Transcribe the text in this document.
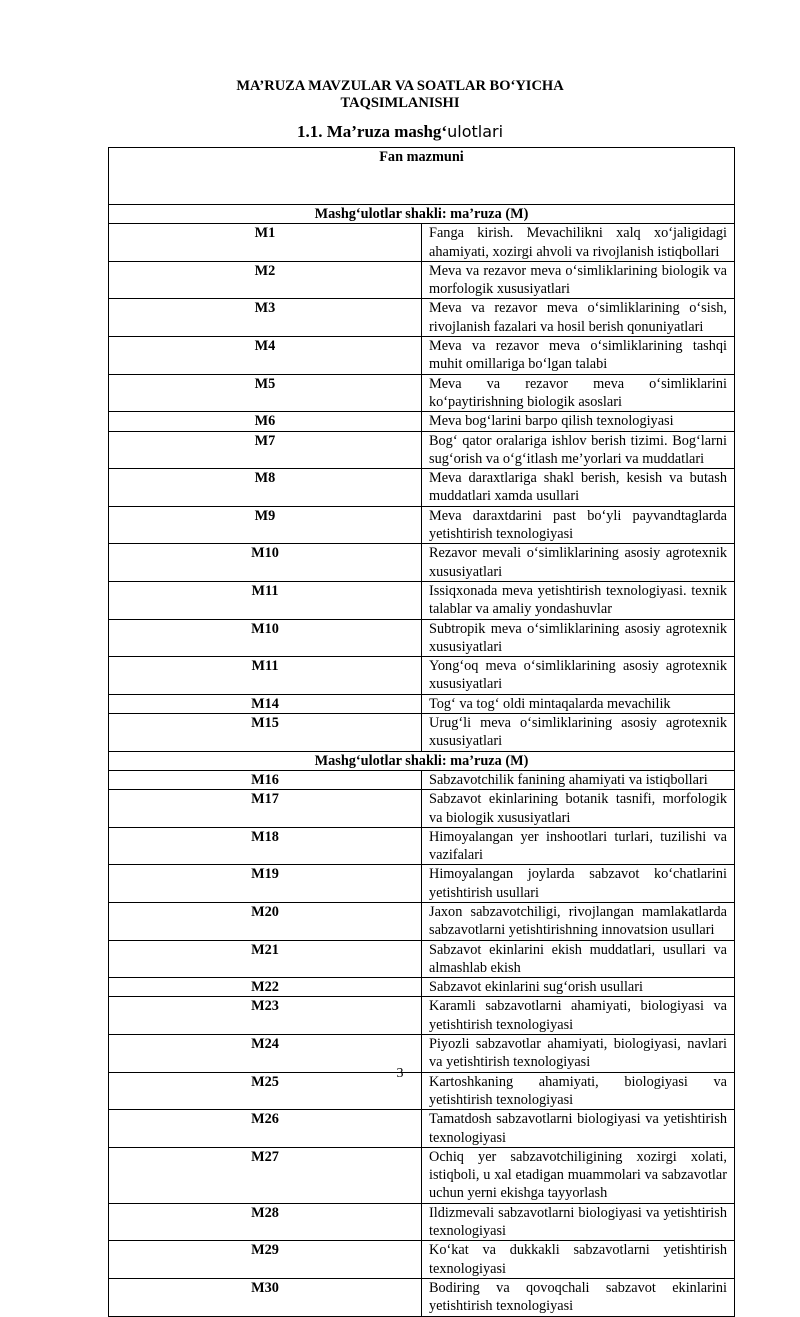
MA’RUZA MAVZULAR VA SOATLAR BO‘YICHA
TAQSIMLANISHI
1.1. Ma’ruza mashg‘ulotlari
Fan mazmuni	
Mashg‘ulotlar shakli: ma’ruza (M)	
M1	Fanga kirish. Mevachilikni xalq xo‘jaligidagi ahamiyati, xozirgi ahvoli va rivojlanish istiqbollari
M2	Meva va rezavor meva o‘simliklarining biologik va morfologik xususiyatlari
M3	Meva va rezavor meva o‘simliklarining o‘sish, rivojlanish fazalari va hosil berish qonuniyatlari
M4	Meva va rezavor meva o‘simliklarining tashqi muhit omillariga bo‘lgan talabi
M5	Meva va rezavor meva o‘simliklarini ko‘paytirishning biologik asoslari
M6	Meva bog‘larini barpo qilish texnologiyasi
M7	Bog‘ qator oralariga ishlov berish tizimi. Bog‘larni sug‘orish va o‘g‘itlash me’yorlari va muddatlari
M8	Meva daraxtlariga shakl berish, kesish va butash muddatlari xamda usullari
M9	Meva daraxtdarini past bo‘yli payvandtaglarda yetishtirish texnologiyasi
M10	Rezavor mevali o‘simliklarining asosiy agrotexnik xususiyatlari
M11	Issiqxonada meva yetishtirish texnologiyasi. texnik talablar va amaliy yondashuvlar
M10	Subtropik meva o‘simliklarining asosiy agrotexnik xususiyatlari
M11	Yong‘oq meva o‘simliklarining asosiy agrotexnik xususiyatlari
M14	Tog‘ va tog‘ oldi mintaqalarda mevachilik
M15	Urug‘li meva o‘simliklarining asosiy agrotexnik xususiyatlari
Mashg‘ulotlar shakli: ma’ruza (M)	
M16	Sabzavotchilik fanining ahamiyati va istiqbollari
M17	Sabzavot ekinlarining botanik tasnifi, morfologik va biologik xususiyatlari
M18	Himoyalangan yer inshootlari turlari, tuzilishi va vazifalari
M19	Himoyalangan joylarda sabzavot ko‘chatlarini yetishtirish usullari
M20	Jaxon sabzavotchiligi, rivojlangan mamlakatlarda sabzavotlarni yetishtirishning innovatsion usullari
M21	Sabzavot ekinlarini ekish muddatlari, usullari va almashlab ekish
M22	Sabzavot ekinlarini sug‘orish usullari
M23	Karamli sabzavotlarni ahamiyati, biologiyasi va yetishtirish texnologiyasi
M24	Piyozli sabzavotlar ahamiyati, biologiyasi, navlari va yetishtirish texnologiyasi
M25	Kartoshkaning ahamiyati, biologiyasi va yetishtirish texnologiyasi
M26	Tamatdosh sabzavotlarni biologiyasi va yetishtirish texnologiyasi
M27	Ochiq yer sabzavotchiligining xozirgi xolati, istiqboli, u xal etadigan muammolari va sabzavotlar uchun yerni ekishga tayyorlash
M28	Ildizmevali sabzavotlarni biologiyasi va yetishtirish texnologiyasi
M29	Ko‘kat va dukkakli sabzavotlarni yetishtirish texnologiyasi
M30	Bodiring va qovoqchali sabzavot ekinlarini yetishtirish texnologiyasi
3
